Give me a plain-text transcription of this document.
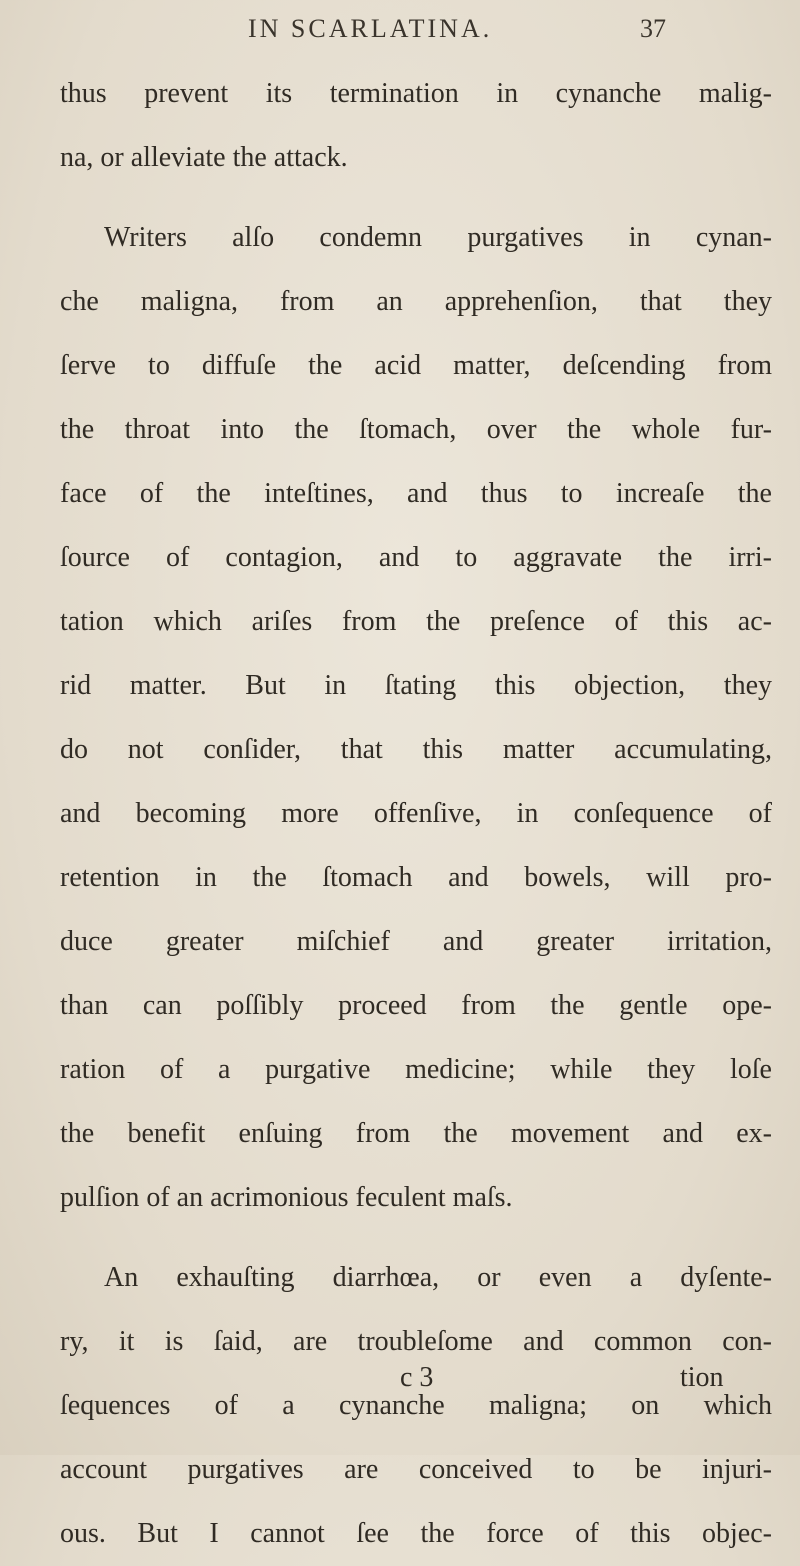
IN SCARLATINA.	37
thus prevent its termination in cynanche malig-
na, or alleviate the attack.
Writers alſo condemn purgatives in cynan-
che maligna, from an apprehenſion, that they
ſerve to diffuſe the acid matter, deſcending from
the throat into the ſtomach, over the whole fur-
face of the inteſtines, and thus to increaſe the
ſource of contagion, and to aggravate the irri-
tation which ariſes from the preſence of this ac-
rid matter. But in ſtating this objection, they
do not conſider, that this matter accumulating,
and becoming more offenſive, in conſequence of
retention in the ſtomach and bowels, will pro-
duce greater miſchief and greater irritation,
than can poſſibly proceed from the gentle ope-
ration of a purgative medicine; while they loſe
the benefit enſuing from the movement and ex-
pulſion of an acrimonious feculent maſs.
An exhauſting diarrhœa, or even a dyſente-
ry, it is ſaid, are troubleſome and common con-
ſequences of a cynanche maligna; on which
account purgatives are conceived to be injuri-
ous. But I cannot ſee the force of this objec-
c 3	tion
